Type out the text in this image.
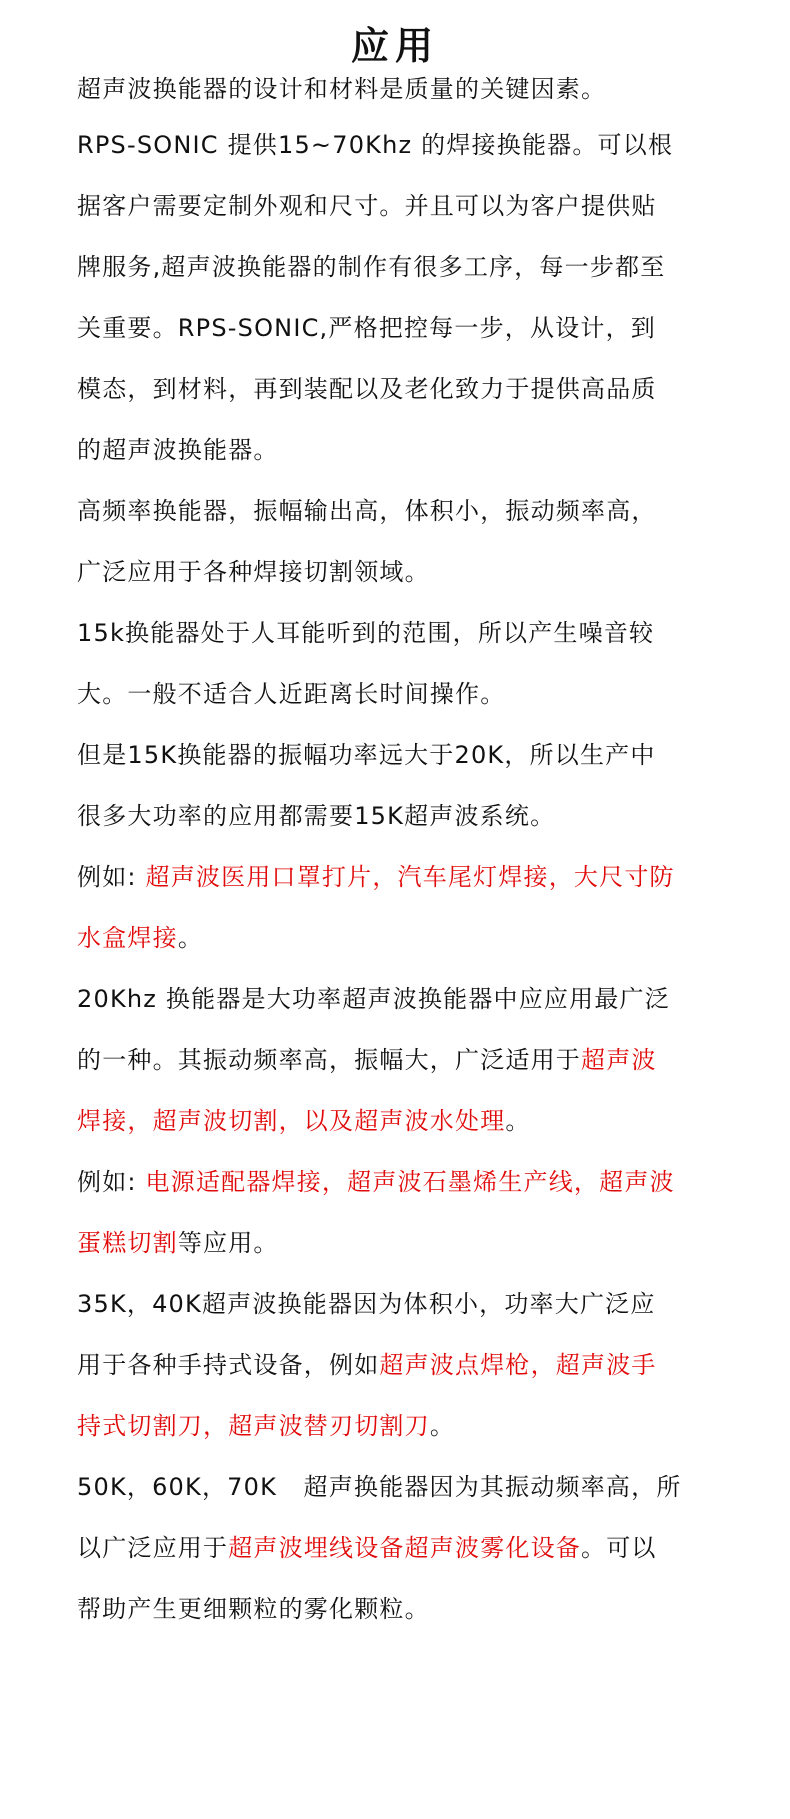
应用
超声波换能器的设计和材料是质量的关键因素。
RPS-SONIC 提供15~70Khz 的焊接换能器。可以根
据客户需要定制外观和尺寸。并且可以为客户提供贴
牌服务,超声波换能器的制作有很多工序，每一步都至
关重要。RPS-SONIC,严格把控每一步，从设计，到
模态，到材料，再到装配以及老化致力于提供高品质
的超声波换能器。
高频率换能器，振幅输出高，体积小，振动频率高，
广泛应用于各种焊接切割领域。
15k换能器处于人耳能听到的范围，所以产生噪音较
大。一般不适合人近距离长时间操作。
但是15K换能器的振幅功率远大于20K，所以生产中
很多大功率的应用都需要15K超声波系统。
例如: 超声波医用口罩打片，汽车尾灯焊接，大尺寸防
水盒焊接。
20Khz 换能器是大功率超声波换能器中应应用最广泛
的一种。其振动频率高，振幅大，广泛适用于超声波
焊接，超声波切割，以及超声波水处理。
例如: 电源适配器焊接，超声波石墨烯生产线，超声波
蛋糕切割等应用。
35K，40K超声波换能器因为体积小，功率大广泛应
用于各种手持式设备，例如超声波点焊枪，超声波手
持式切割刀，超声波替刃切割刀。
50K，60K，70K   超声换能器因为其振动频率高，所
以广泛应用于超声波埋线设备超声波雾化设备。可以
帮助产生更细颗粒的雾化颗粒。
